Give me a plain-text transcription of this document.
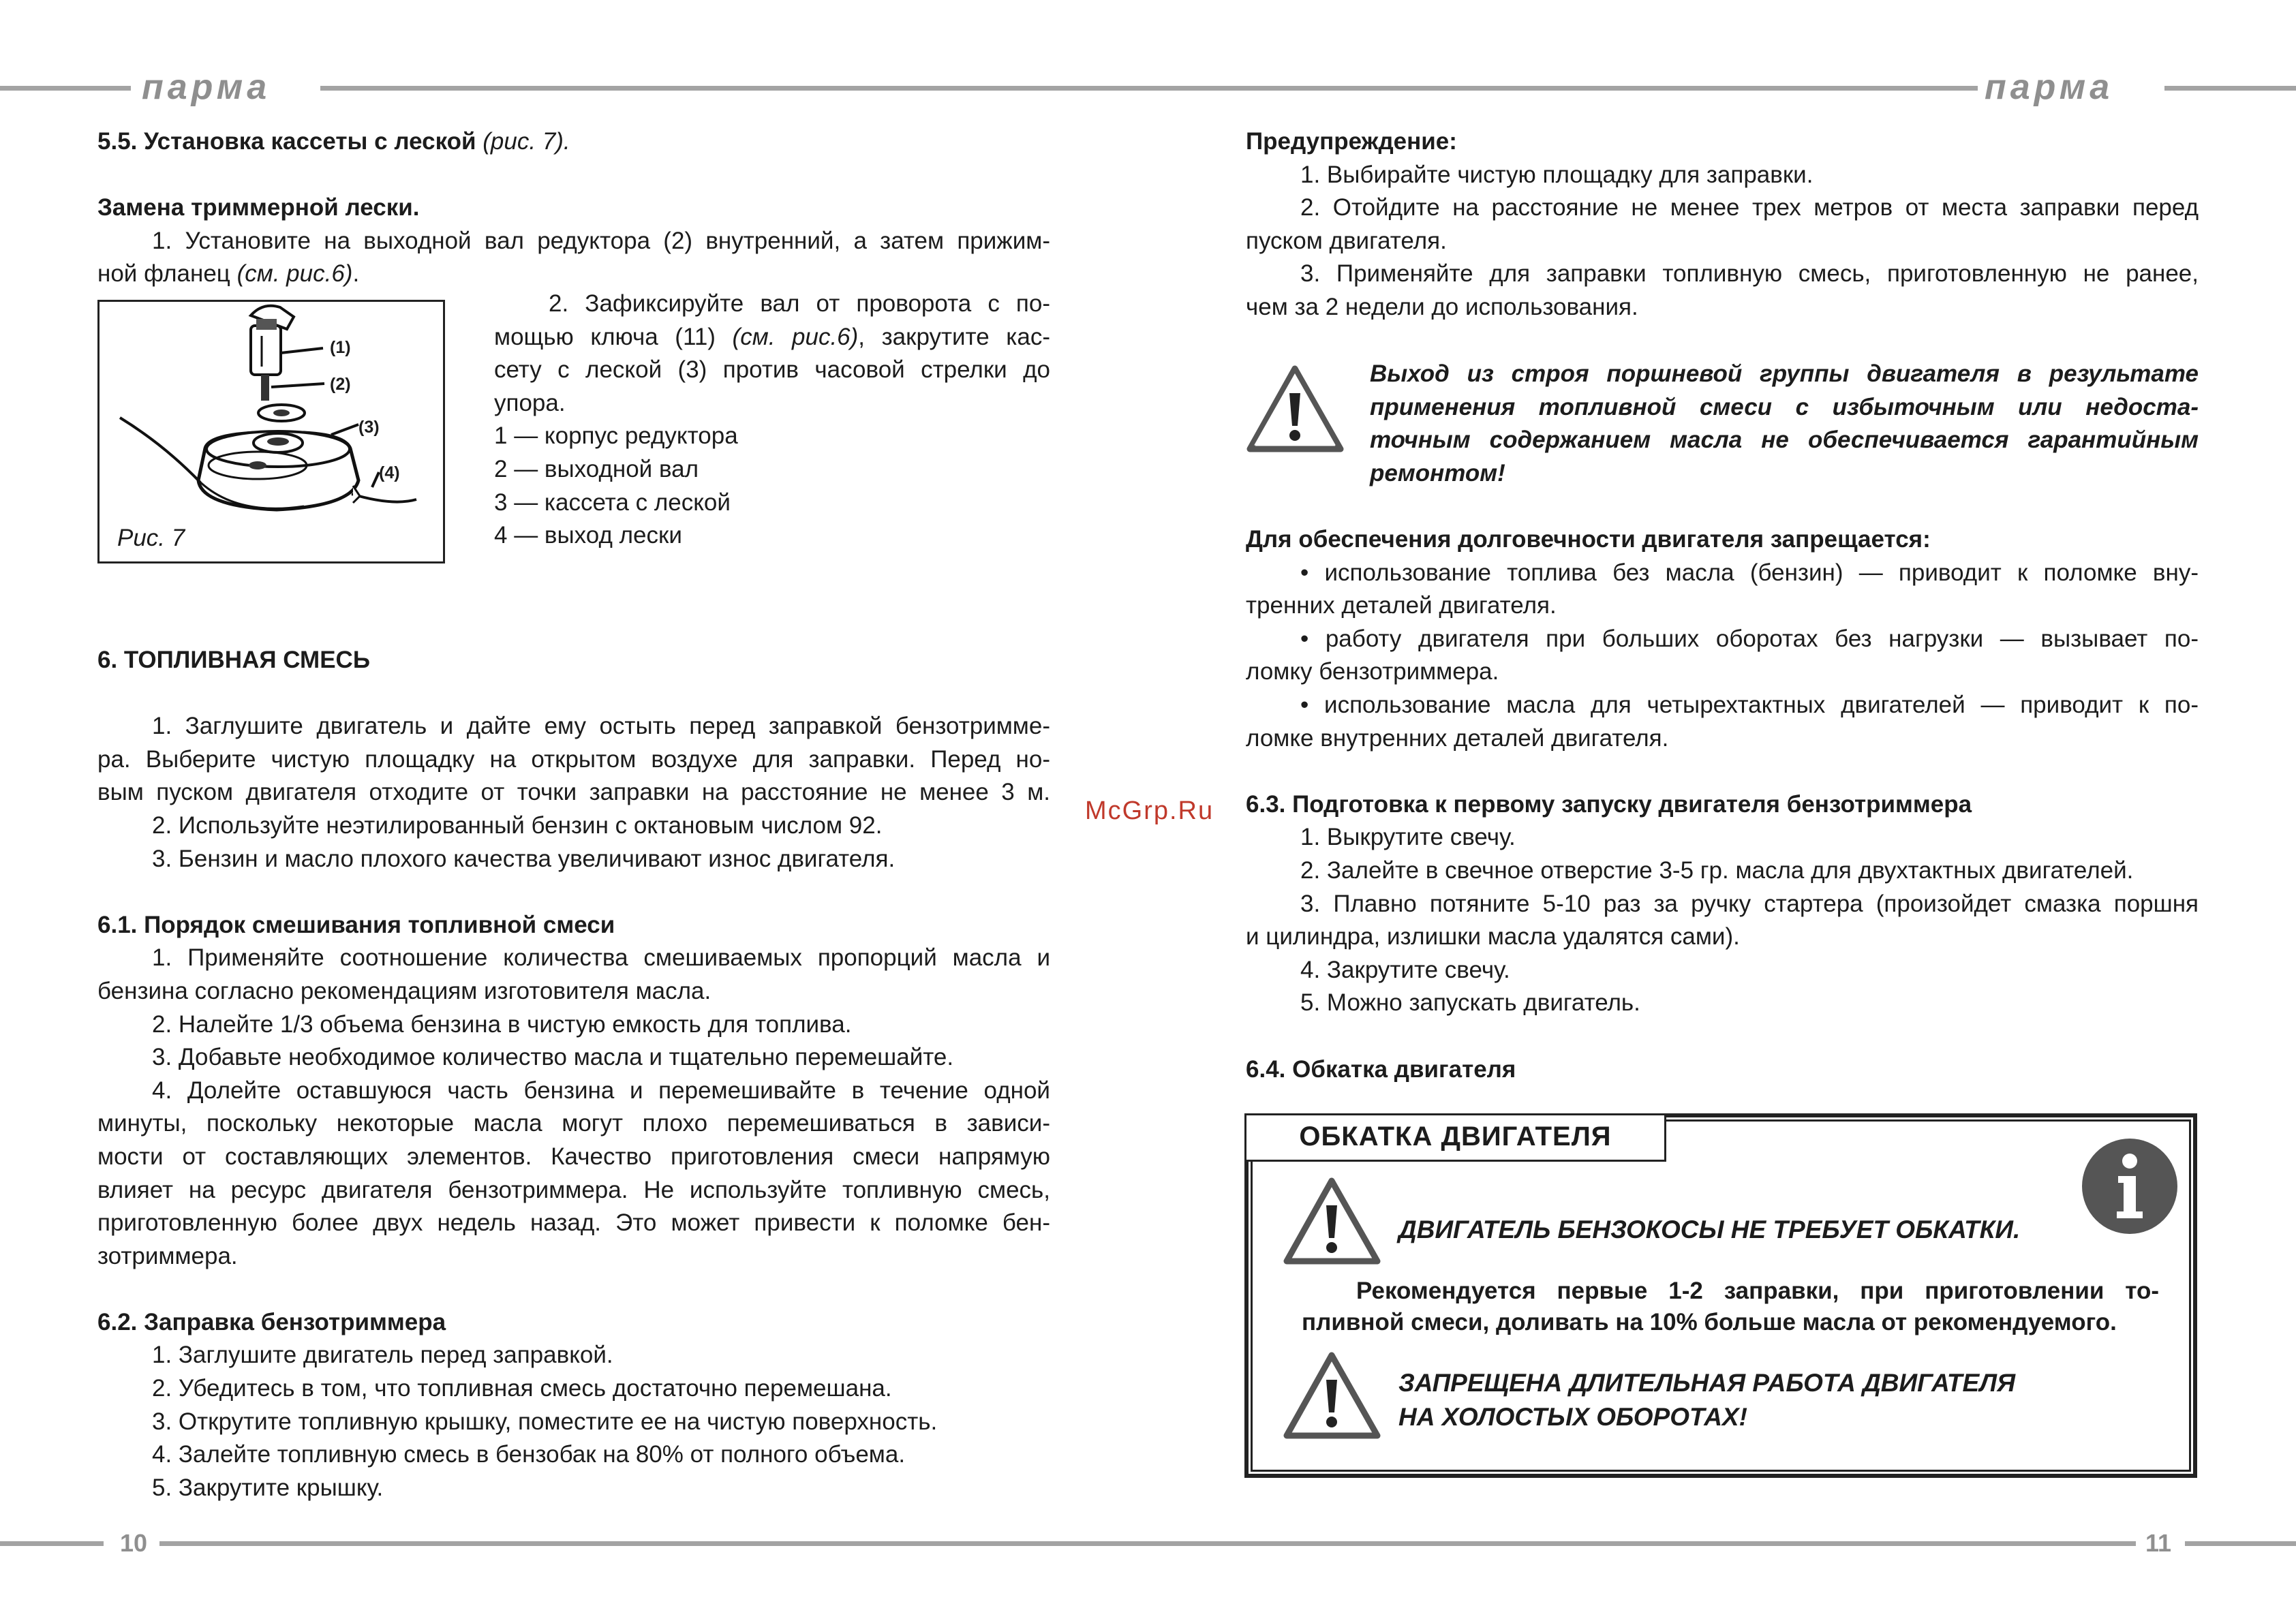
парма	парма
10	11
McGrp.Ru

5.5. Установка кассеты с леской (рис. 7).

Замена триммерной лески.

1. Установите на выходной вал редуктора (2) внутренний, а затем прижим-

ной фланец (см. рис.6).

(1)
(2)
(3)
(4)
Рис. 7

2. Зафиксируйте вал от проворота с по-

мощью ключа (11) (см. рис.6), закрутите кас-

сету с леской (3) против часовой стрелки до

упора.

1 — корпус редуктора

2 — выходной вал

3 — кассета с леской

4 — выход лески

6. ТОПЛИВНАЯ СМЕСЬ

1. Заглушите двигатель и дайте ему остыть перед заправкой бензотримме-

ра. Выберите чистую площадку на открытом воздухе для заправки. Перед но-

вым пуском двигателя отходите от точки заправки на расстояние не менее 3 м.

2. Используйте неэтилированный бензин с октановым числом 92.

3. Бензин и масло плохого качества увеличивают износ двигателя.

6.1. Порядок смешивания топливной смеси

1. Применяйте соотношение количества смешиваемых пропорций масла и

бензина согласно рекомендациям изготовителя масла.

2. Налейте 1/3 объема бензина в чистую емкость для топлива.

3. Добавьте необходимое количество масла и тщательно перемешайте.

4. Долейте оставшуюся часть бензина и перемешивайте в течение одной

минуты, поскольку некоторые масла могут плохо перемешиваться в зависи-

мости от составляющих элементов. Качество приготовления смеси напрямую

влияет на ресурс двигателя бензотриммера. Не используйте топливную смесь,

приготовленную более двух недель назад. Это может привести к поломке бен-

зотриммера.

6.2. Заправка бензотриммера

1. Заглушите двигатель перед заправкой.

2. Убедитесь в том, что топливная смесь достаточно перемешана.

3. Открутите топливную крышку, поместите ее на чистую поверхность.

4. Залейте топливную смесь в бензобак на 80% от полного объема.

5. Закрутите крышку.

Предупреждение:

1. Выбирайте чистую площадку для заправки.

2. Отойдите на расстояние не менее трех метров от места заправки перед

пуском двигателя.

3. Применяйте для заправки топливную смесь, приготовленную не ранее,

чем за 2 недели до использования.

Выход из строя поршневой группы двигателя в результате

применения топливной смеси с избыточным или недоста-

точным содержанием масла не обеспечивается гарантийным

ремонтом!

Для обеспечения долговечности двигателя запрещается:

• использование топлива без масла (бензин) — приводит к поломке вну-

тренних деталей двигателя.

• работу двигателя при больших оборотах без нагрузки — вызывает по-

ломку бензотриммера.

• использование масла для четырехтактных двигателей — приводит к по-

ломке внутренних деталей двигателя.

6.3. Подготовка к первому запуску двигателя бензотриммера

1. Выкрутите свечу.

2. Залейте в свечное отверстие 3-5 гр. масла для двухтактных двигателей.

3. Плавно потяните 5-10 раз за ручку стартера (произойдет смазка поршня

и цилиндра, излишки масла удалятся сами).

4. Закрутите свечу.

5. Можно запускать двигатель.

6.4. Обкатка двигателя

ОБКАТКА ДВИГАТЕЛЯ
ДВИГАТЕЛЬ БЕНЗОКОСЫ НЕ ТРЕБУЕТ ОБКАТКИ.

Рекомендуется первые 1-2 заправки, при приготовлении то-

пливной смеси, доливать на 10% больше масла от рекомендуемого.

ЗАПРЕЩЕНА ДЛИТЕЛЬНАЯ РАБОТА ДВИГАТЕЛЯ
НА ХОЛОСТЫХ ОБОРОТАХ!
